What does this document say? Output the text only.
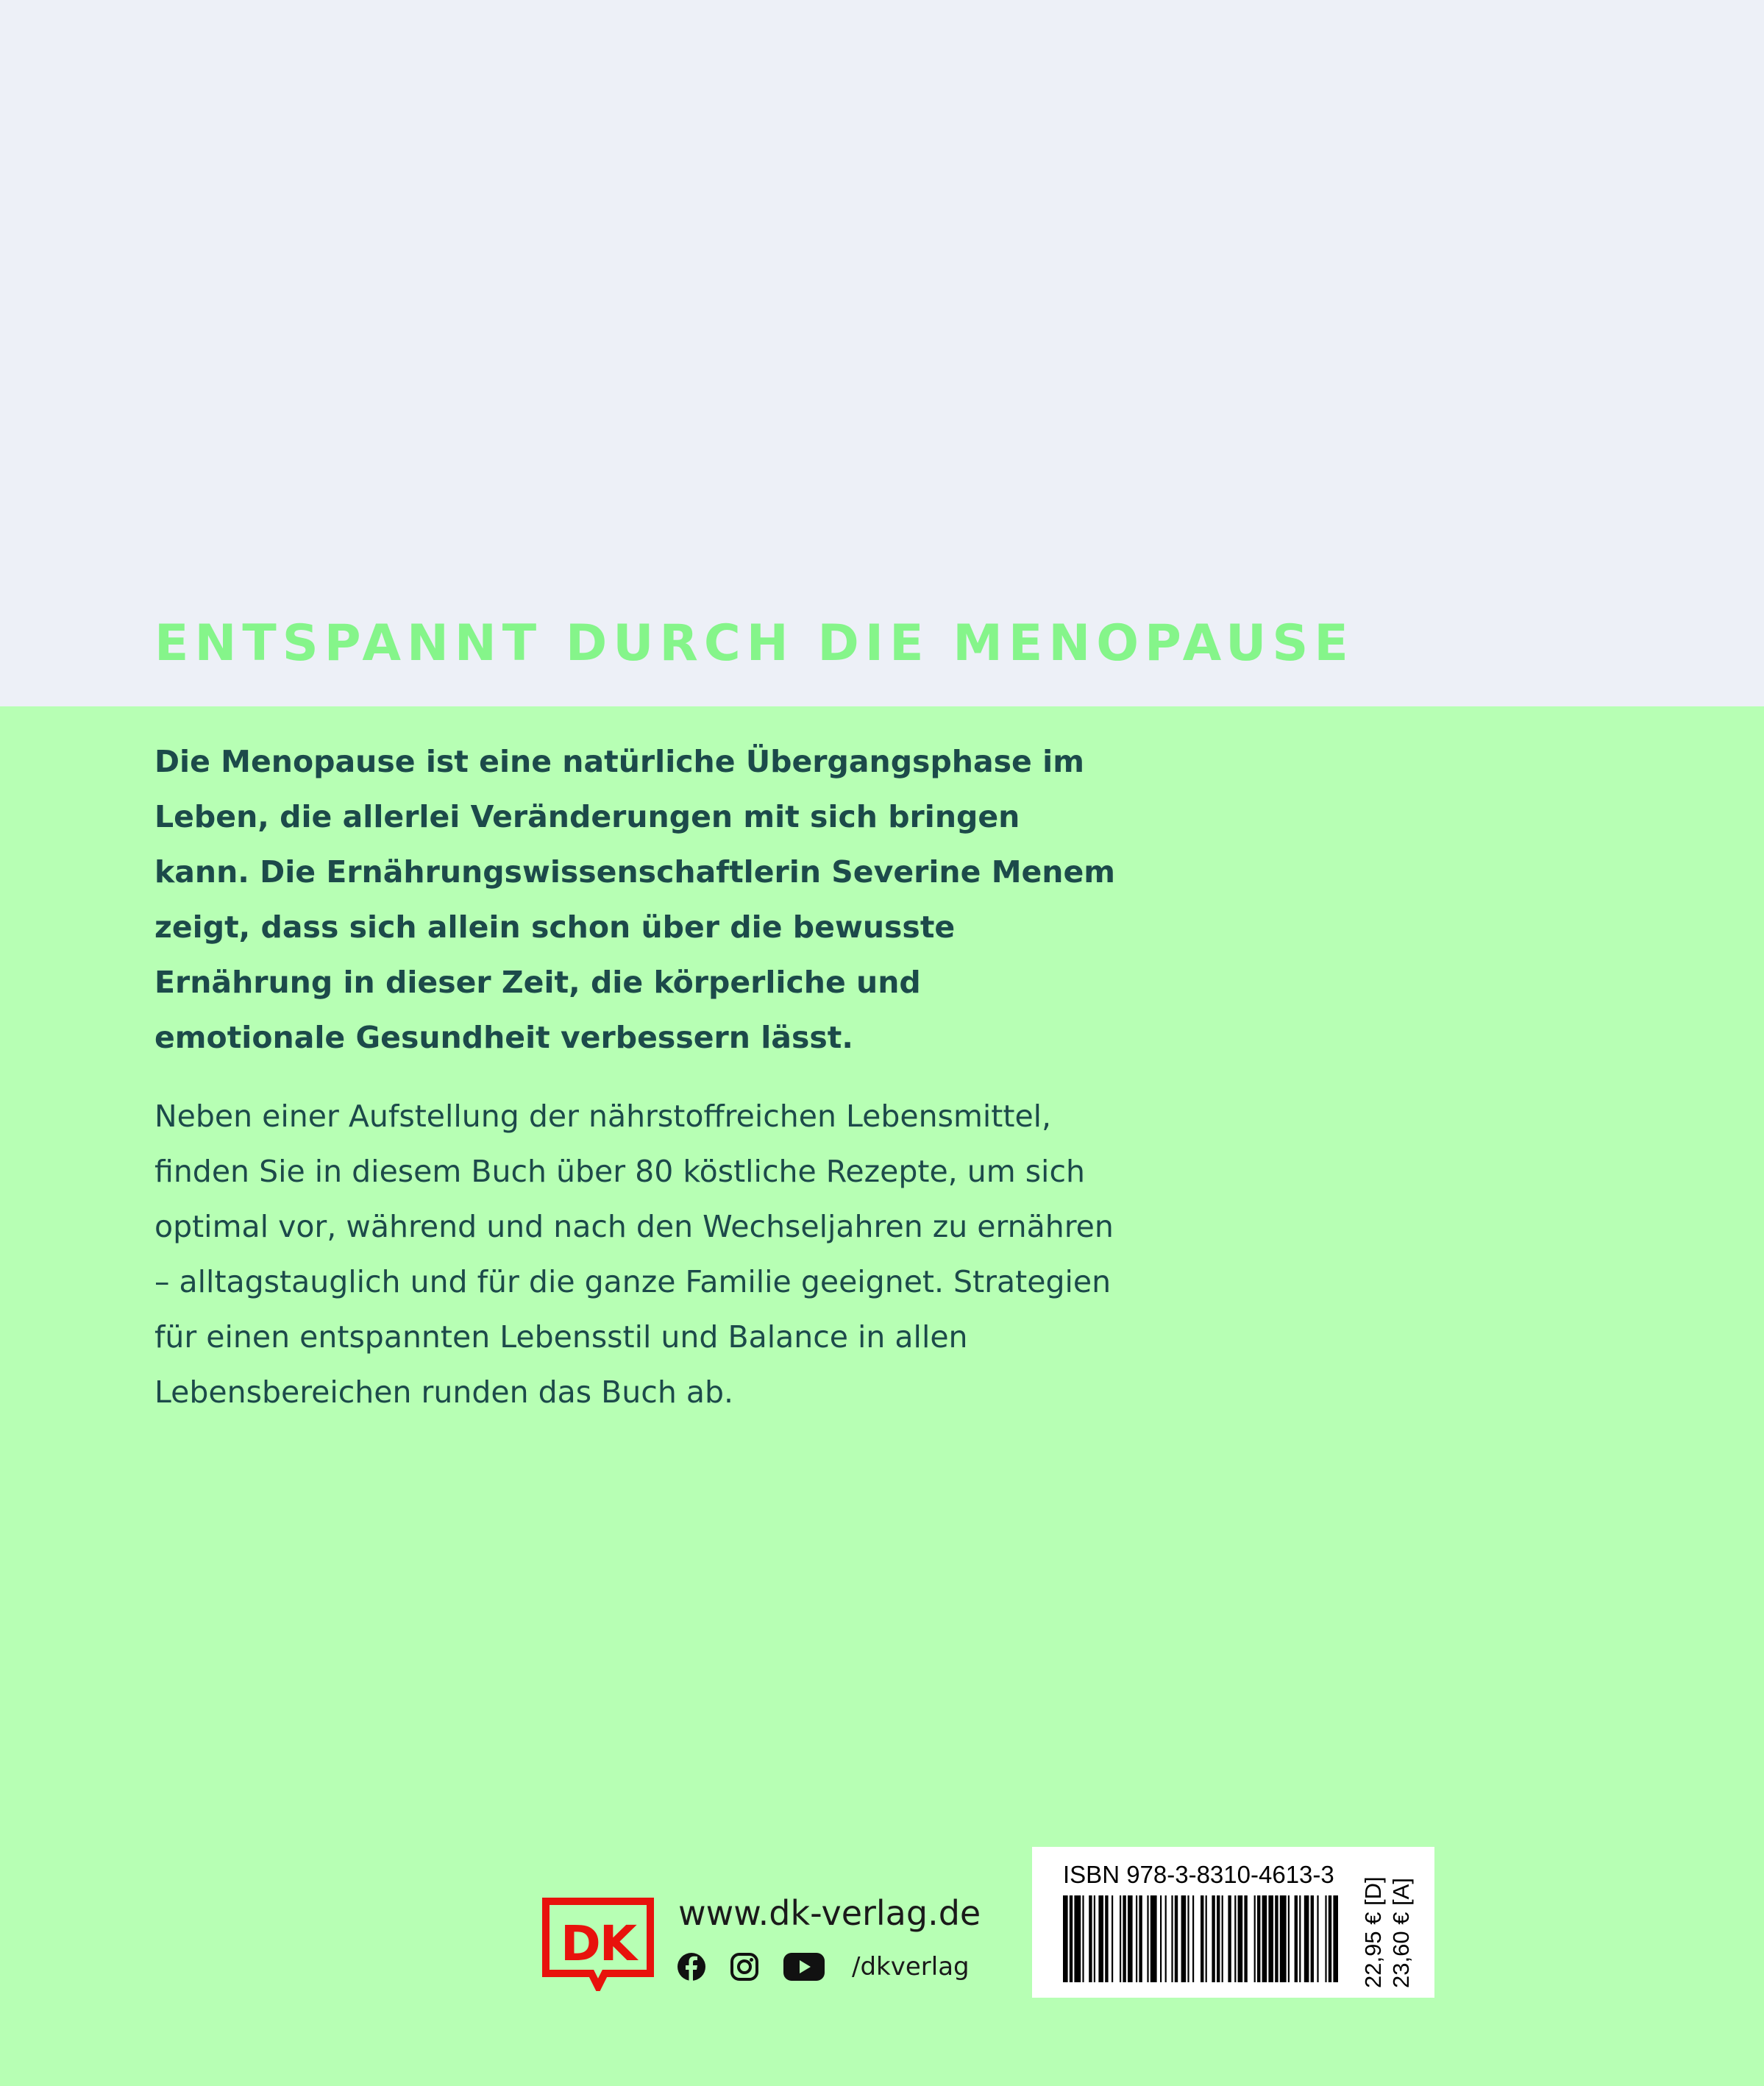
ENTSPANNT DURCH DIE MENOPAUSE

Die Menopause ist eine natürliche Übergangsphase im Leben, die allerlei Veränderungen mit sich bringen kann. Die Ernährungswissenschaftlerin Severine Menem zeigt, dass sich allein schon über die bewusste Ernährung in dieser Zeit, die körperliche und emotionale Gesundheit verbessern lässt.

Neben einer Aufstellung der nährstoffreichen Lebensmittel, finden Sie in diesem Buch über 80 köstliche Rezepte, um sich optimal vor, während und nach den Wechseljahren zu ernähren – alltagstauglich und für die ganze Familie geeignet. Strategien für einen entspannten Lebensstil und Balance in allen Lebensbereichen runden das Buch ab.

DK
www.dk-verlag.de
/dkverlag
ISBN 978-3-8310-4613-3
22,95 € [D] 23,60 € [A]
